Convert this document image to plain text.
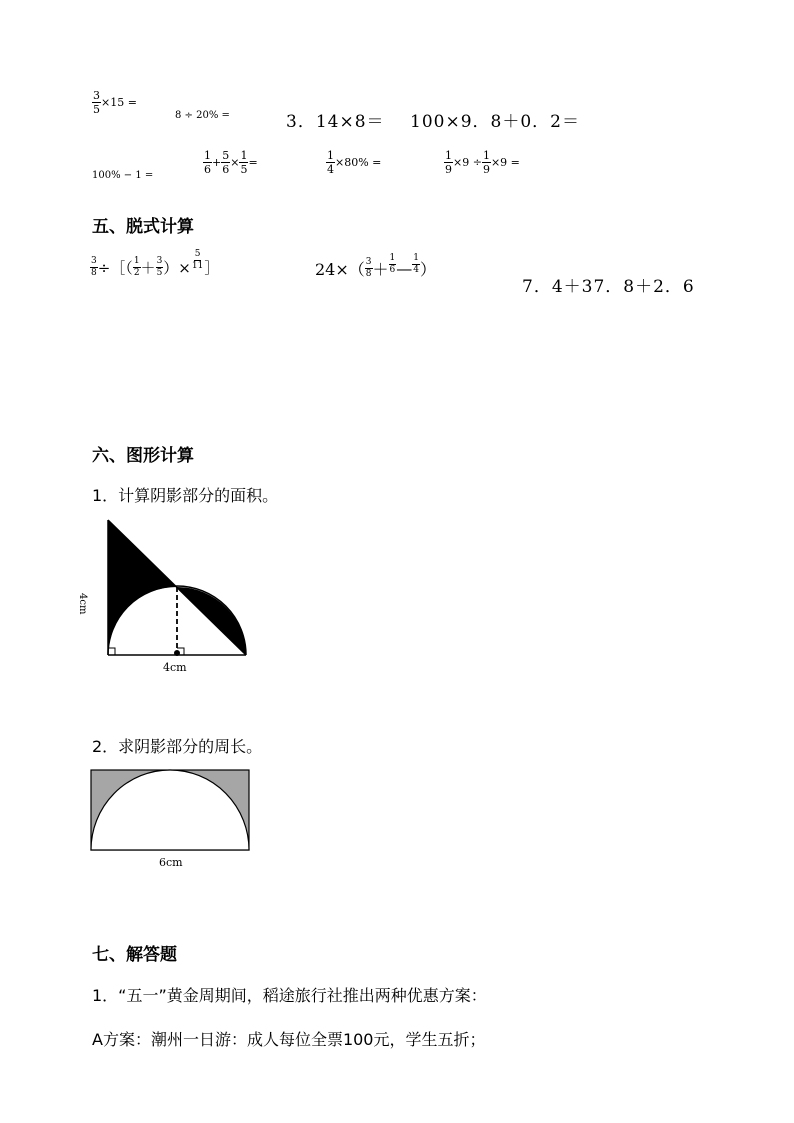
$\frac{3}{5} \times 15$ =
8 ÷ 20% =	3．14×8＝ 100×9．8＋0．2＝
100% − 1 =
$\frac{1}{6} + \frac{5}{6} \times \frac{1}{5}$ =	$\frac{1}{4} \times 80\%$ =	$\frac{1}{9} \times 9 \div \frac{1}{9} \times 9$ =
五、脱式计算
$\frac{3}{8}$ ÷［（ $\frac{1}{2} + \frac{3}{5}$ ）× $\frac{5}{11}$ ］	$24\times( \frac{3}{8} + \frac{1}{6}$ — $\frac{1}{4}$ ）
7．4＋37．8＋2．6
六、图形计算
1．计算阴影部分的面积。
4cm
4cm
2．求阴影部分的周长。
6cm
七、解答题
1．“五一”黄金周期间，稻途旅行社推出两种优惠方案：
A方案：潮州一日游：成人每位全票100元，学生五折；
